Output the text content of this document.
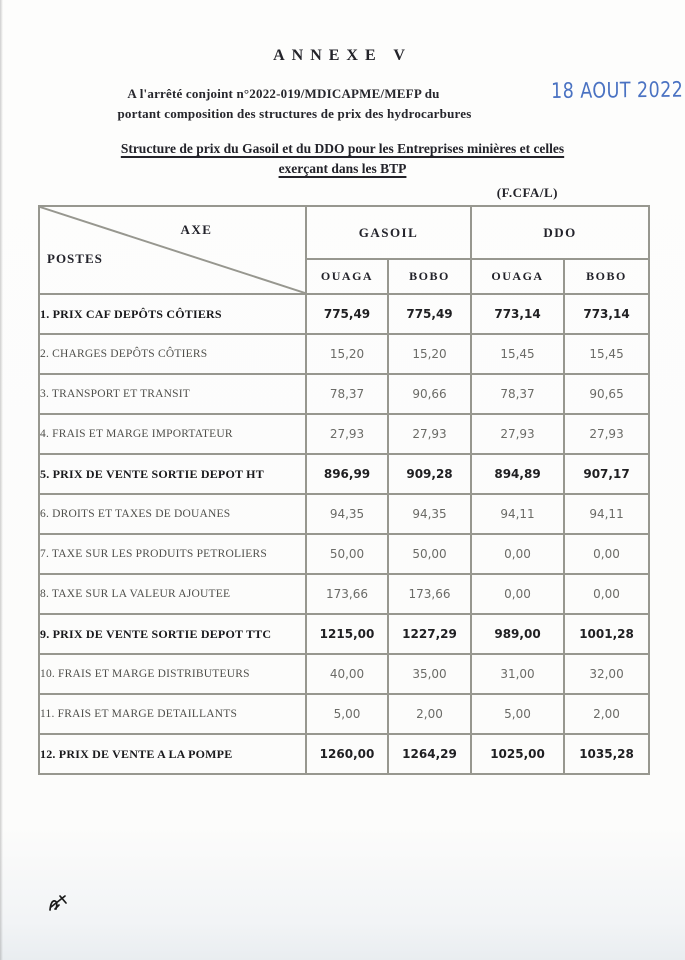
ANNEXE V
A l'arrêté conjoint n°2022-019/MDICAPME/MEFP du
portant composition des structures de prix des hydrocarbures
18 AOUT 2022
Structure de prix du Gasoil et du DDO pour les Entreprises minières et celles
exerçant dans les BTP
(F.CFA/L)
AXE
POSTES	GASOIL		DDO	
	OUAGA	BOBO	OUAGA	BOBO
1. PRIX CAF DEPÔTS CÔTIERS	775,49	775,49	773,14	773,14
2. CHARGES DEPÔTS CÔTIERS	15,20	15,20	15,45	15,45
3. TRANSPORT ET TRANSIT	78,37	90,66	78,37	90,65
4. FRAIS ET MARGE IMPORTATEUR	27,93	27,93	27,93	27,93
5. PRIX DE VENTE SORTIE DEPOT HT	896,99	909,28	894,89	907,17
6. DROITS ET TAXES DE DOUANES	94,35	94,35	94,11	94,11
7. TAXE SUR LES PRODUITS PETROLIERS	50,00	50,00	0,00	0,00
8. TAXE SUR LA VALEUR AJOUTEE	173,66	173,66	0,00	0,00
9. PRIX DE VENTE SORTIE DEPOT TTC	1215,00	1227,29	989,00	1001,28
10. FRAIS ET MARGE DISTRIBUTEURS	40,00	35,00	31,00	32,00
11. FRAIS ET MARGE DETAILLANTS	5,00	2,00	5,00	2,00
12. PRIX DE VENTE A LA POMPE	1260,00	1264,29	1025,00	1035,28
